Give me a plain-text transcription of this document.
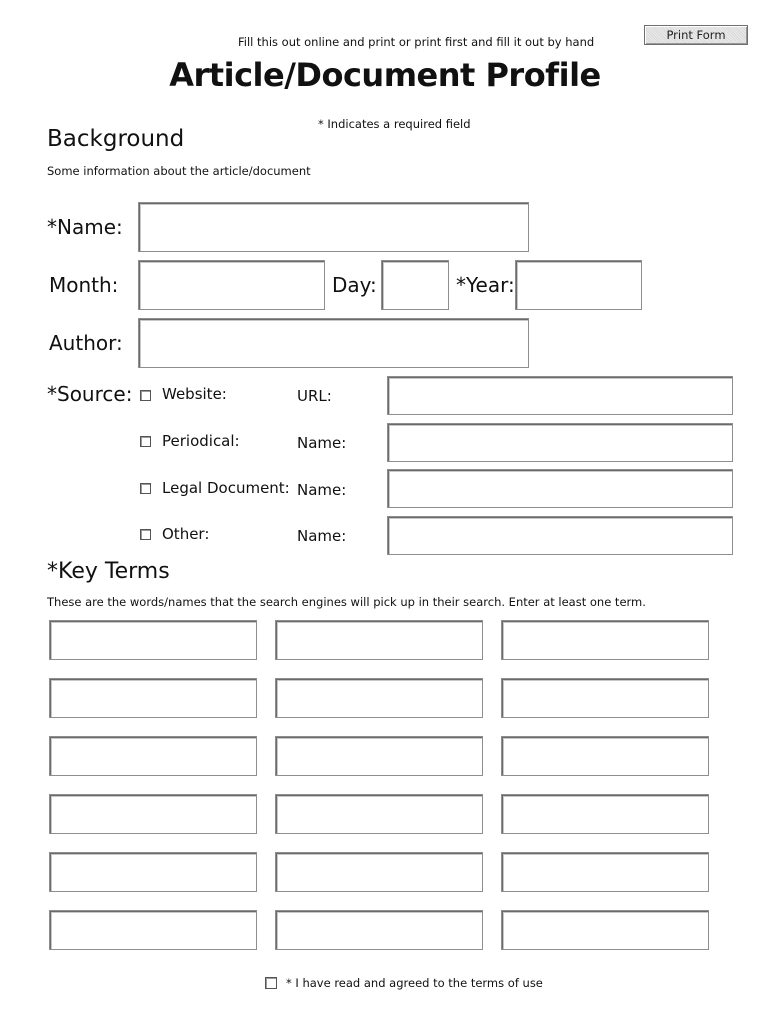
Fill this out online and print or print first and fill it out by hand	Print Form
Article/Document Profile
* Indicates a required field
Background
Some information about the article/document
*Name:
Month:	Day:	*Year:
Author:
*Source: Website:	URL:
Periodical:	Name:
Legal Document: Name:
Other:	Name:
*Key Terms
These are the words/names that the search engines will pick up in their search. Enter at least one term.
* I have read and agreed to the terms of use
